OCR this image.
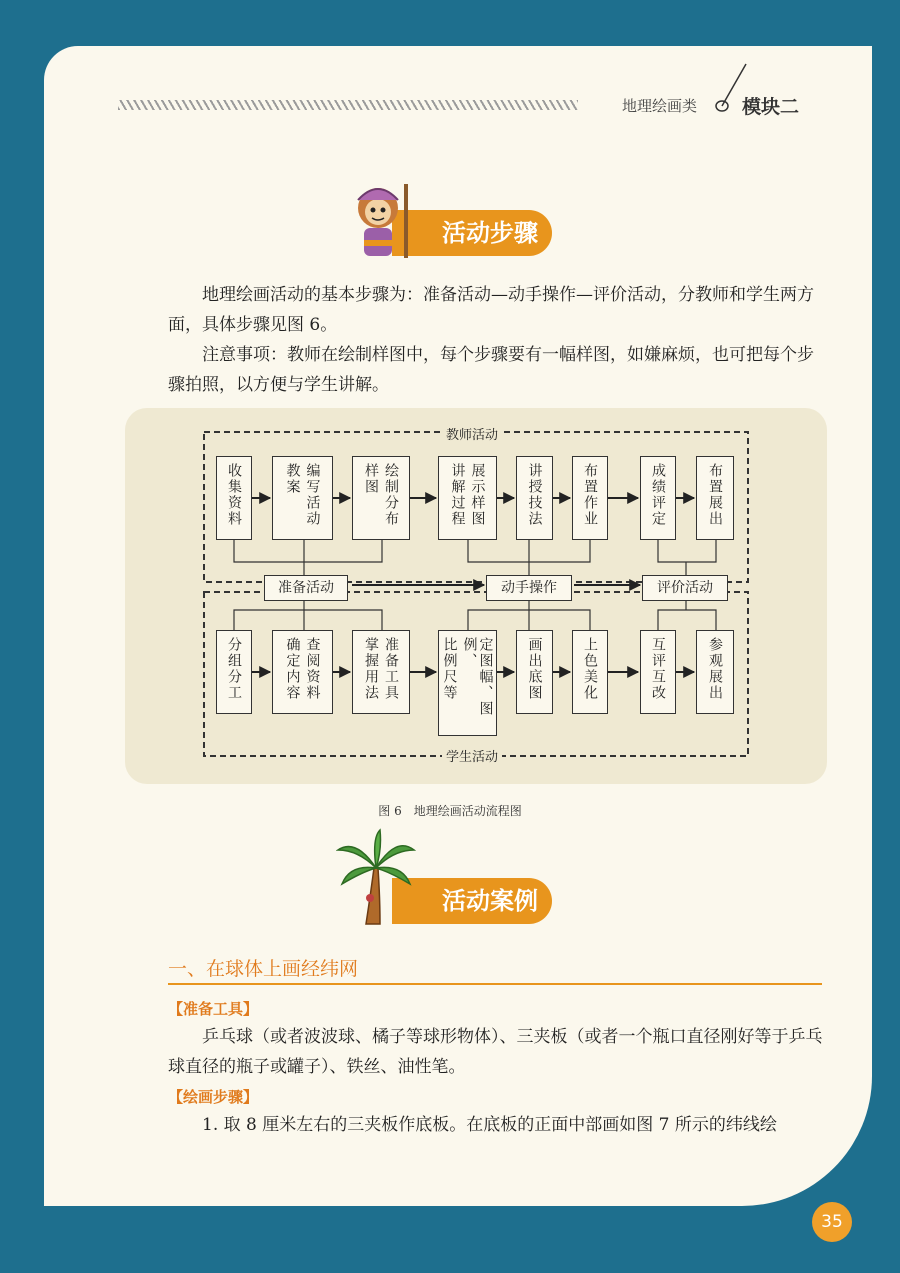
地理绘画类 模块二
活动步骤

地理绘画活动的基本步骤为：准备活动—动手操作—评价活动，分教师和学生两方面，具体步骤见图 6。

注意事项：教师在绘制样图中，每个步骤要有一幅样图，如嫌麻烦，也可把每个步骤拍照，以方便与学生讲解。

教师活动
学生活动
准备活动	动手操作	评价活动
收集资料	编写活动
教案	绘制分布
样图	展示样图
讲解过程	讲授技法	布置作业	成绩评定	布置展出
分组分工	查阅资料
确定内容	准备工具
掌握用法	定图幅、图例、
比例尺等	画出底图	上色美化	互评互改	参观展出
图 6　地理绘画活动流程图
活动案例
一、在球体上画经纬网
【准备工具】

乒乓球（或者波波球、橘子等球形物体）、三夹板（或者一个瓶口直径刚好等于乒乓球直径的瓶子或罐子）、铁丝、油性笔。

【绘画步骤】

1. 取 8 厘米左右的三夹板作底板。在底板的正面中部画如图 7 所示的纬线绘

35
